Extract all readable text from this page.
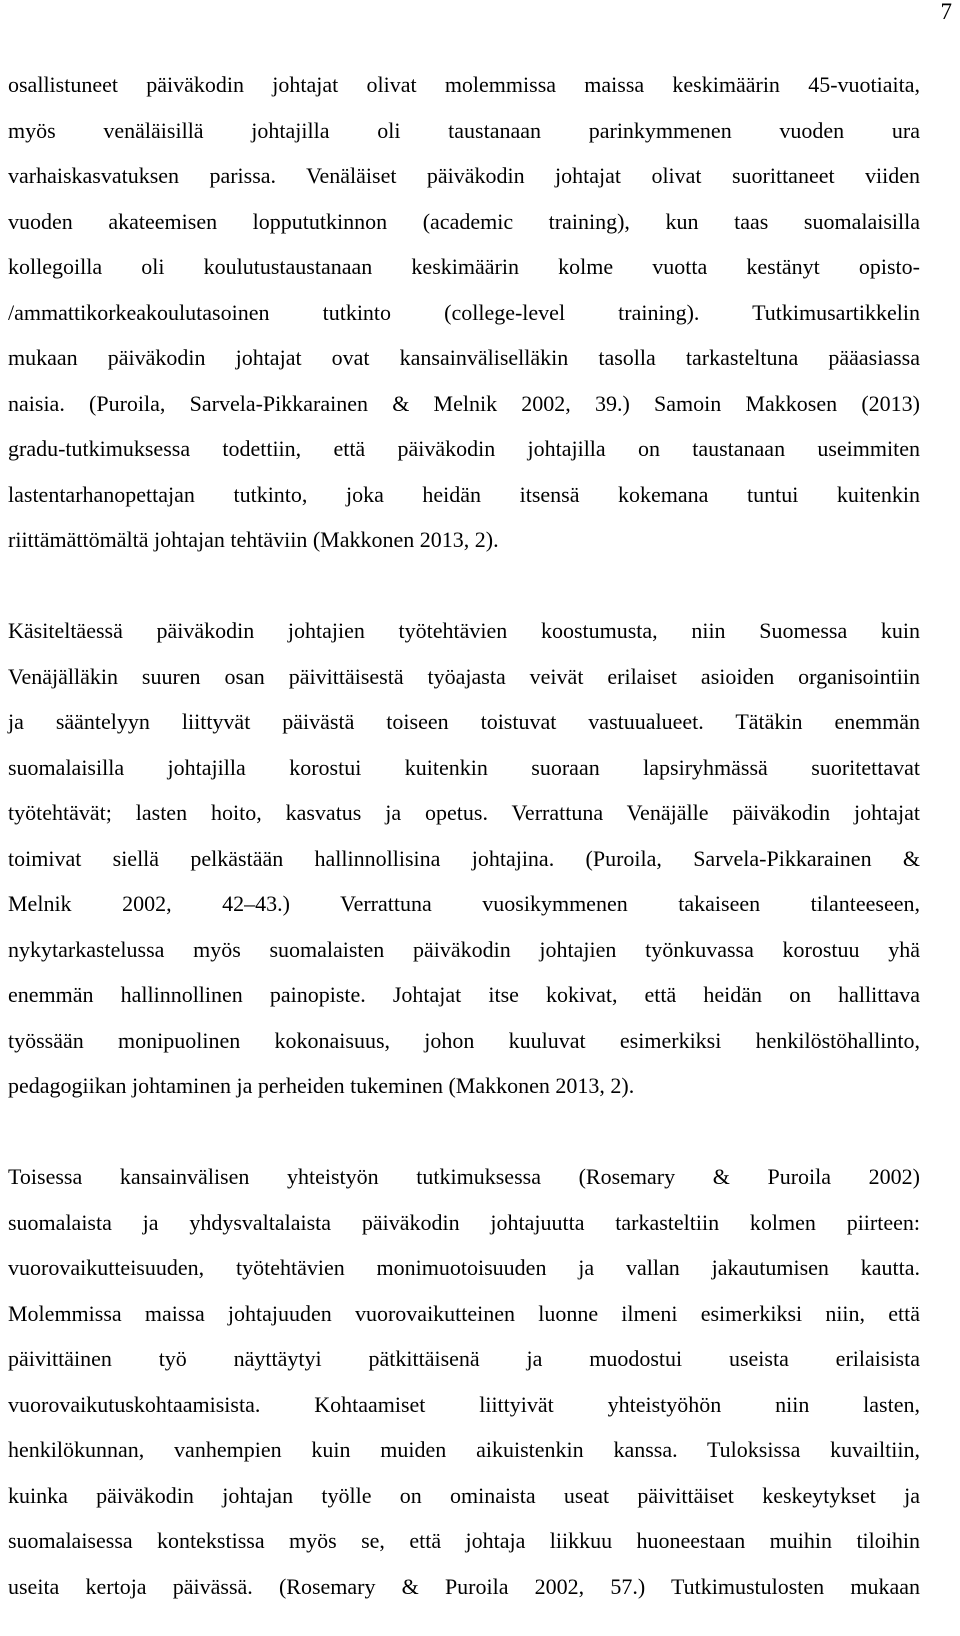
7
osallistuneet päiväkodin johtajat olivat molemmissa maissa keskimäärin 45-vuotiaita,
myös venäläisillä johtajilla oli taustanaan parinkymmenen vuoden ura
varhaiskasvatuksen parissa. Venäläiset päiväkodin johtajat olivat suorittaneet viiden
vuoden akateemisen loppututkinnon (academic training), kun taas suomalaisilla
kollegoilla oli koulutustaustanaan keskimäärin kolme vuotta kestänyt opisto-
/ammattikorkeakoulutasoinen tutkinto (college-level training). Tutkimusartikkelin
mukaan päiväkodin johtajat ovat kansainväliselläkin tasolla tarkasteltuna pääasiassa
naisia. (Puroila, Sarvela-Pikkarainen & Melnik 2002, 39.) Samoin Makkosen (2013)
gradu-tutkimuksessa todettiin, että päiväkodin johtajilla on taustanaan useimmiten
lastentarhanopettajan tutkinto, joka heidän itsensä kokemana tuntui kuitenkin
riittämättömältä johtajan tehtäviin (Makkonen 2013, 2).
Käsiteltäessä päiväkodin johtajien työtehtävien koostumusta, niin Suomessa kuin
Venäjälläkin suuren osan päivittäisestä työajasta veivät erilaiset asioiden organisointiin
ja sääntelyyn liittyvät päivästä toiseen toistuvat vastuualueet. Tätäkin enemmän
suomalaisilla johtajilla korostui kuitenkin suoraan lapsiryhmässä suoritettavat
työtehtävät; lasten hoito, kasvatus ja opetus. Verrattuna Venäjälle päiväkodin johtajat
toimivat siellä pelkästään hallinnollisina johtajina. (Puroila, Sarvela-Pikkarainen &
Melnik 2002, 42–43.) Verrattuna vuosikymmenen takaiseen tilanteeseen,
nykytarkastelussa myös suomalaisten päiväkodin johtajien työnkuvassa korostuu yhä
enemmän hallinnollinen painopiste. Johtajat itse kokivat, että heidän on hallittava
työssään monipuolinen kokonaisuus, johon kuuluvat esimerkiksi henkilöstöhallinto,
pedagogiikan johtaminen ja perheiden tukeminen (Makkonen 2013, 2).
Toisessa kansainvälisen yhteistyön tutkimuksessa (Rosemary & Puroila 2002)
suomalaista ja yhdysvaltalaista päiväkodin johtajuutta tarkasteltiin kolmen piirteen:
vuorovaikutteisuuden, työtehtävien monimuotoisuuden ja vallan jakautumisen kautta.
Molemmissa maissa johtajuuden vuorovaikutteinen luonne ilmeni esimerkiksi niin, että
päivittäinen työ näyttäytyi pätkittäisenä ja muodostui useista erilaisista
vuorovaikutuskohtaamisista. Kohtaamiset liittyivät yhteistyöhön niin lasten,
henkilökunnan, vanhempien kuin muiden aikuistenkin kanssa. Tuloksissa kuvailtiin,
kuinka päiväkodin johtajan työlle on ominaista useat päivittäiset keskeytykset ja
suomalaisessa kontekstissa myös se, että johtaja liikkuu huoneestaan muihin tiloihin
useita kertoja päivässä. (Rosemary & Puroila 2002, 57.) Tutkimustulosten mukaan
